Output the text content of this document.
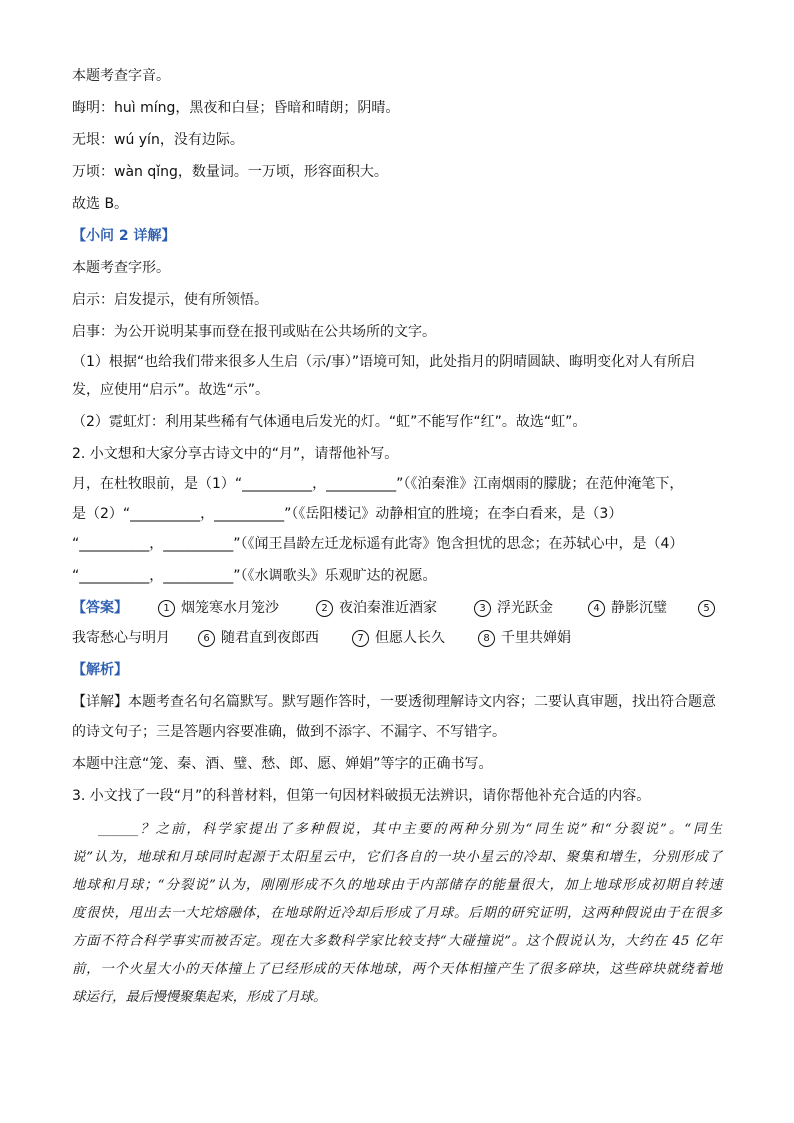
本题考查字音。
晦明：huì míng，黑夜和白昼；昏暗和晴朗；阴晴。
无垠：wú yín，没有边际。
万顷：wàn qǐng，数量词。一万顷，形容面积大。
故选 B。
【小问 2 详解】
本题考查字形。
启示：启发提示，使有所领悟。
启事：为公开说明某事而登在报刊或贴在公共场所的文字。
（1）根据“也给我们带来很多人生启（示/事）”语境可知，此处指月的阴晴圆缺、晦明变化对人有所启
发，应使用“启示”。故选“示”。
（2）霓虹灯：利用某些稀有气体通电后发光的灯。“虹”不能写作“红”。故选“虹”。
2. 小文想和大家分享古诗文中的“月”，请帮他补写。
月，在杜牧眼前，是（1）“__________，__________”（《泊秦淮》江南烟雨的朦胧；在范仲淹笔下，
是（2）“__________，__________”（《岳阳楼记》动静相宜的胜境；在李白看来，是（3）
“__________，__________”（《闻王昌龄左迁龙标遥有此寄》饱含担忧的思念；在苏轼心中，是（4）
“__________，__________”（《水调歌头》乐观旷达的祝愿。
【答案】	1 烟笼寒水月笼沙	2 夜泊秦淮近酒家	3 浮光跃金	4 静影沉璧	5
我寄愁心与明月	6 随君直到夜郎西	7 但愿人长久	8 千里共婵娟
【解析】
【详解】本题考查名句名篇默写。默写题作答时，一要透彻理解诗文内容；二要认真审题，找出符合题意
的诗文句子；三是答题内容要准确，做到不添字、不漏字、不写错字。
本题中注意“笼、秦、酒、璧、愁、郎、愿、婵娟”等字的正确书写。
3. 小文找了一段“月”的科普材料，但第一句因材料破损无法辨识，请你帮他补充合适的内容。

______？之前，科学家提出了多种假说，其中主要的两种分别为“同生说”和“分裂说”。“同生

说”认为，地球和月球同时起源于太阳星云中，它们各自的一块小星云的冷却、聚集和增生，分别形成了

地球和月球；“分裂说”认为，刚刚形成不久的地球由于内部储存的能量很大，加上地球形成初期自转速

度很快，甩出去一大坨熔融体，在地球附近冷却后形成了月球。后期的研究证明，这两种假说由于在很多

方面不符合科学事实而被否定。现在大多数科学家比较支持“大碰撞说”。这个假说认为，大约在 45 亿年

前，一个火星大小的天体撞上了已经形成的天体地球，两个天体相撞产生了很多碎块，这些碎块就绕着地

球运行，最后慢慢聚集起来，形成了月球。
